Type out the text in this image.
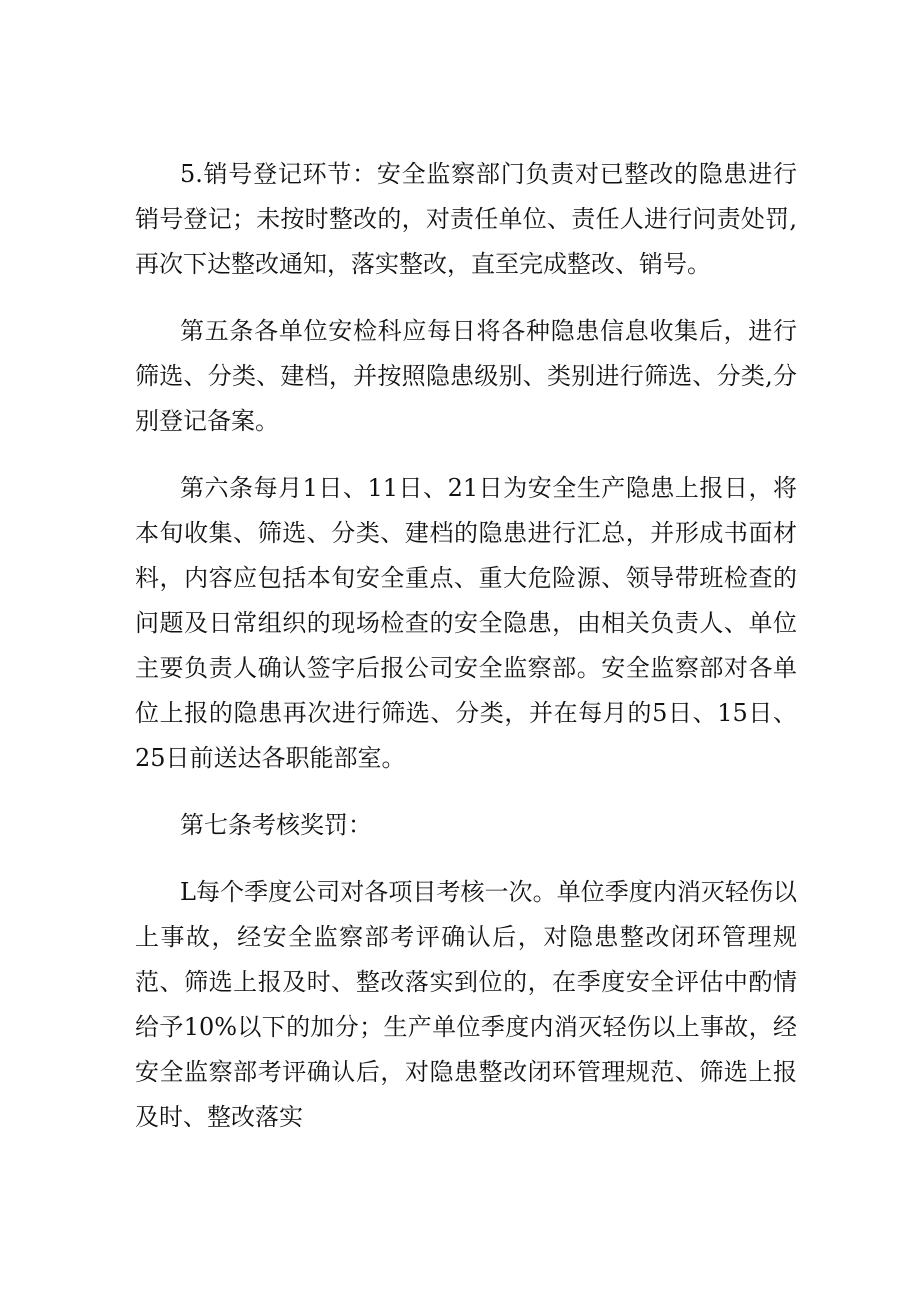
5.销号登记环节：安全监察部门负责对已整改的隐患进行销号登记；未按时整改的，对责任单位、责任人进行问责处罚,再次下达整改通知，落实整改，直至完成整改、销号。

第五条各单位安检科应每日将各种隐患信息收集后，进行筛选、分类、建档，并按照隐患级别、类别进行筛选、分类,分别登记备案。

第六条每月1日、11日、21日为安全生产隐患上报日，将本旬收集、筛选、分类、建档的隐患进行汇总，并形成书面材料，内容应包括本旬安全重点、重大危险源、领导带班检查的问题及日常组织的现场检查的安全隐患，由相关负责人、单位主要负责人确认签字后报公司安全监察部。安全监察部对各单位上报的隐患再次进行筛选、分类，并在每月的5日、15日、25日前送达各职能部室。

第七条考核奖罚：

L每个季度公司对各项目考核一次。单位季度内消灭轻伤以上事故，经安全监察部考评确认后，对隐患整改闭环管理规范、筛选上报及时、整改落实到位的，在季度安全评估中酌情给予10%以下的加分；生产单位季度内消灭轻伤以上事故，经安全监察部考评确认后，对隐患整改闭环管理规范、筛选上报及时、整改落实
